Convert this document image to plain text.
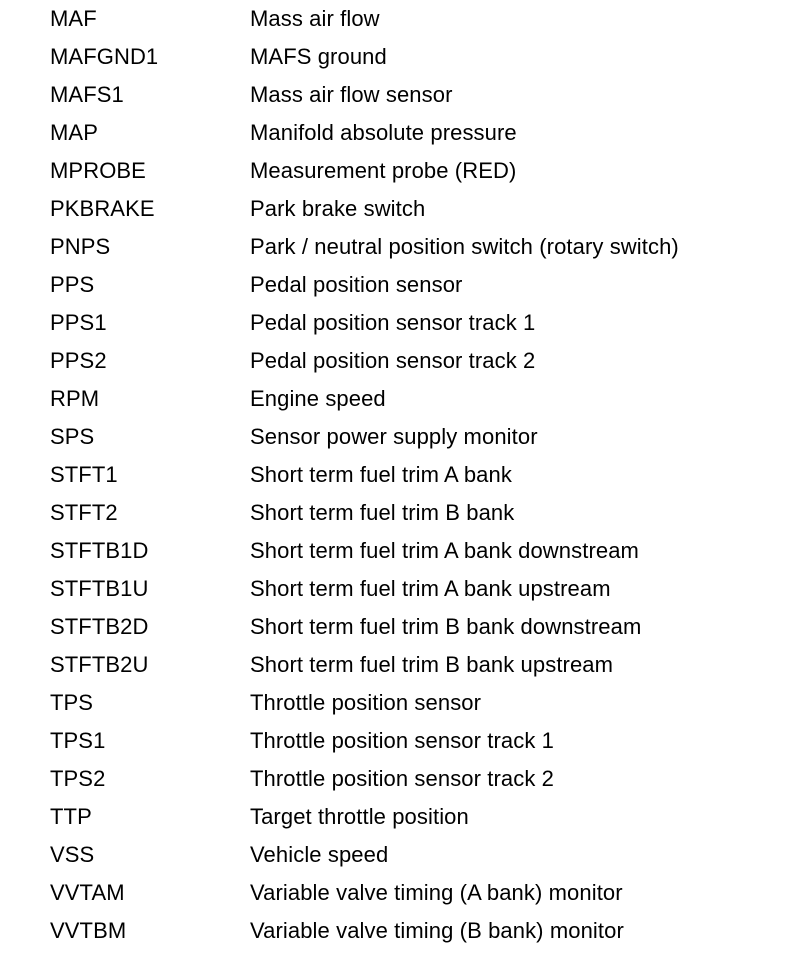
MAF	Mass air flow
MAFGND1	MAFS ground
MAFS1	Mass air flow sensor
MAP	Manifold absolute pressure
MPROBE	Measurement probe (RED)
PKBRAKE	Park brake switch
PNPS	Park / neutral position switch (rotary switch)
PPS	Pedal position sensor
PPS1	Pedal position sensor track 1
PPS2	Pedal position sensor track 2
RPM	Engine speed
SPS	Sensor power supply monitor
STFT1	Short term fuel trim A bank
STFT2	Short term fuel trim B bank
STFTB1D	Short term fuel trim A bank downstream
STFTB1U	Short term fuel trim A bank upstream
STFTB2D	Short term fuel trim B bank downstream
STFTB2U	Short term fuel trim B bank upstream
TPS	Throttle position sensor
TPS1	Throttle position sensor track 1
TPS2	Throttle position sensor track 2
TTP	Target throttle position
VSS	Vehicle speed
VVTAM	Variable valve timing (A bank) monitor
VVTBM	Variable valve timing (B bank) monitor
